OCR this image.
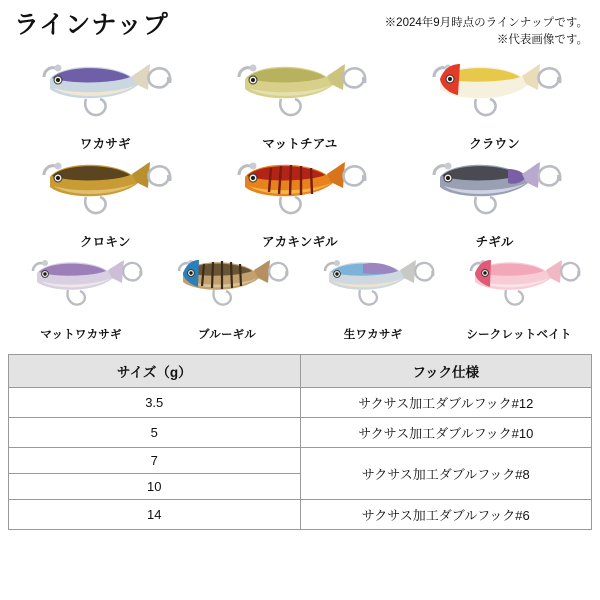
ラインナップ	※2024年9月時点のラインナップです。
※代表画像です。
ワカサギ	マットチアユ	クラウン
クロキン	アカキンギル	チギル
マットワカサギ	ブルーギル	生ワカサギ	シークレットベイト
サイズ（g）	フック仕様
3.5	サクサス加工ダブルフック#12
5	サクサス加工ダブルフック#10
7	サクサス加工ダブルフック#8
10	
14	サクサス加工ダブルフック#6
